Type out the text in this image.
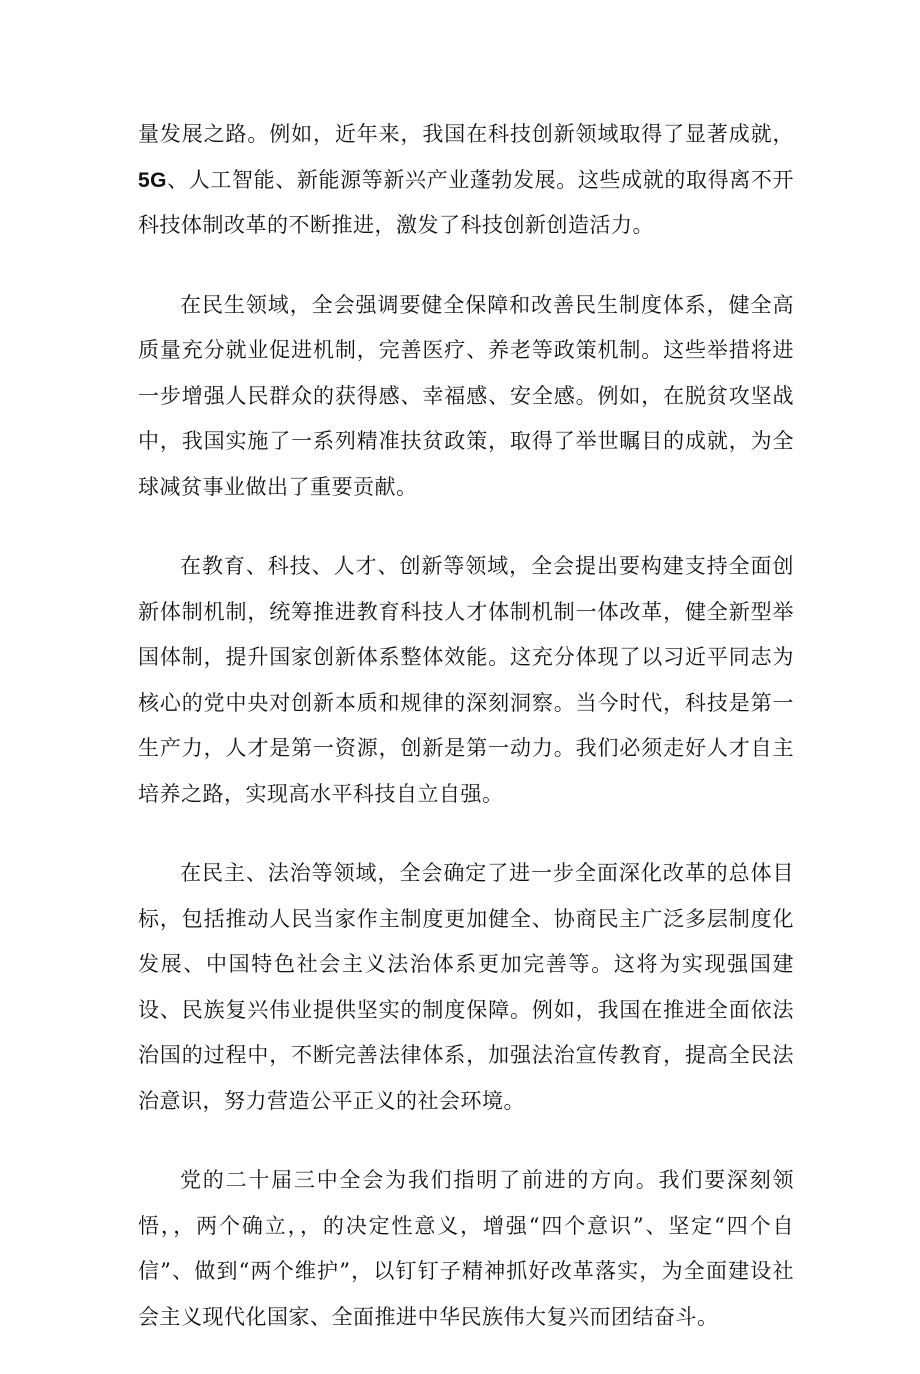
量发展之路。例如，近年来，我国在科技创新领域取得了显著成就，5G、人工智能、新能源等新兴产业蓬勃发展。这些成就的取得离不开科技体制改革的不断推进，激发了科技创新创造活力。

在民生领域，全会强调要健全保障和改善民生制度体系，健全高质量充分就业促进机制，完善医疗、养老等政策机制。这些举措将进一步增强人民群众的获得感、幸福感、安全感。例如，在脱贫攻坚战中，我国实施了一系列精准扶贫政策，取得了举世瞩目的成就，为全球减贫事业做出了重要贡献。

在教育、科技、人才、创新等领域，全会提出要构建支持全面创新体制机制，统筹推进教育科技人才体制机制一体改革，健全新型举国体制，提升国家创新体系整体效能。这充分体现了以习近平同志为核心的党中央对创新本质和规律的深刻洞察。当今时代，科技是第一生产力，人才是第一资源，创新是第一动力。我们必须走好人才自主培养之路，实现高水平科技自立自强。

在民主、法治等领域，全会确定了进一步全面深化改革的总体目标，包括推动人民当家作主制度更加健全、协商民主广泛多层制度化发展、中国特色社会主义法治体系更加完善等。这将为实现强国建设、民族复兴伟业提供坚实的制度保障。例如，我国在推进全面依法治国的过程中，不断完善法律体系，加强法治宣传教育，提高全民法治意识，努力营造公平正义的社会环境。

党的二十届三中全会为我们指明了前进的方向。我们要深刻领悟，，两个确立，，的决定性意义，增强“四个意识”、坚定“四个自信”、做到“两个维护”，以钉钉子精神抓好改革落实，为全面建设社会主义现代化国家、全面推进中华民族伟大复兴而团结奋斗。
